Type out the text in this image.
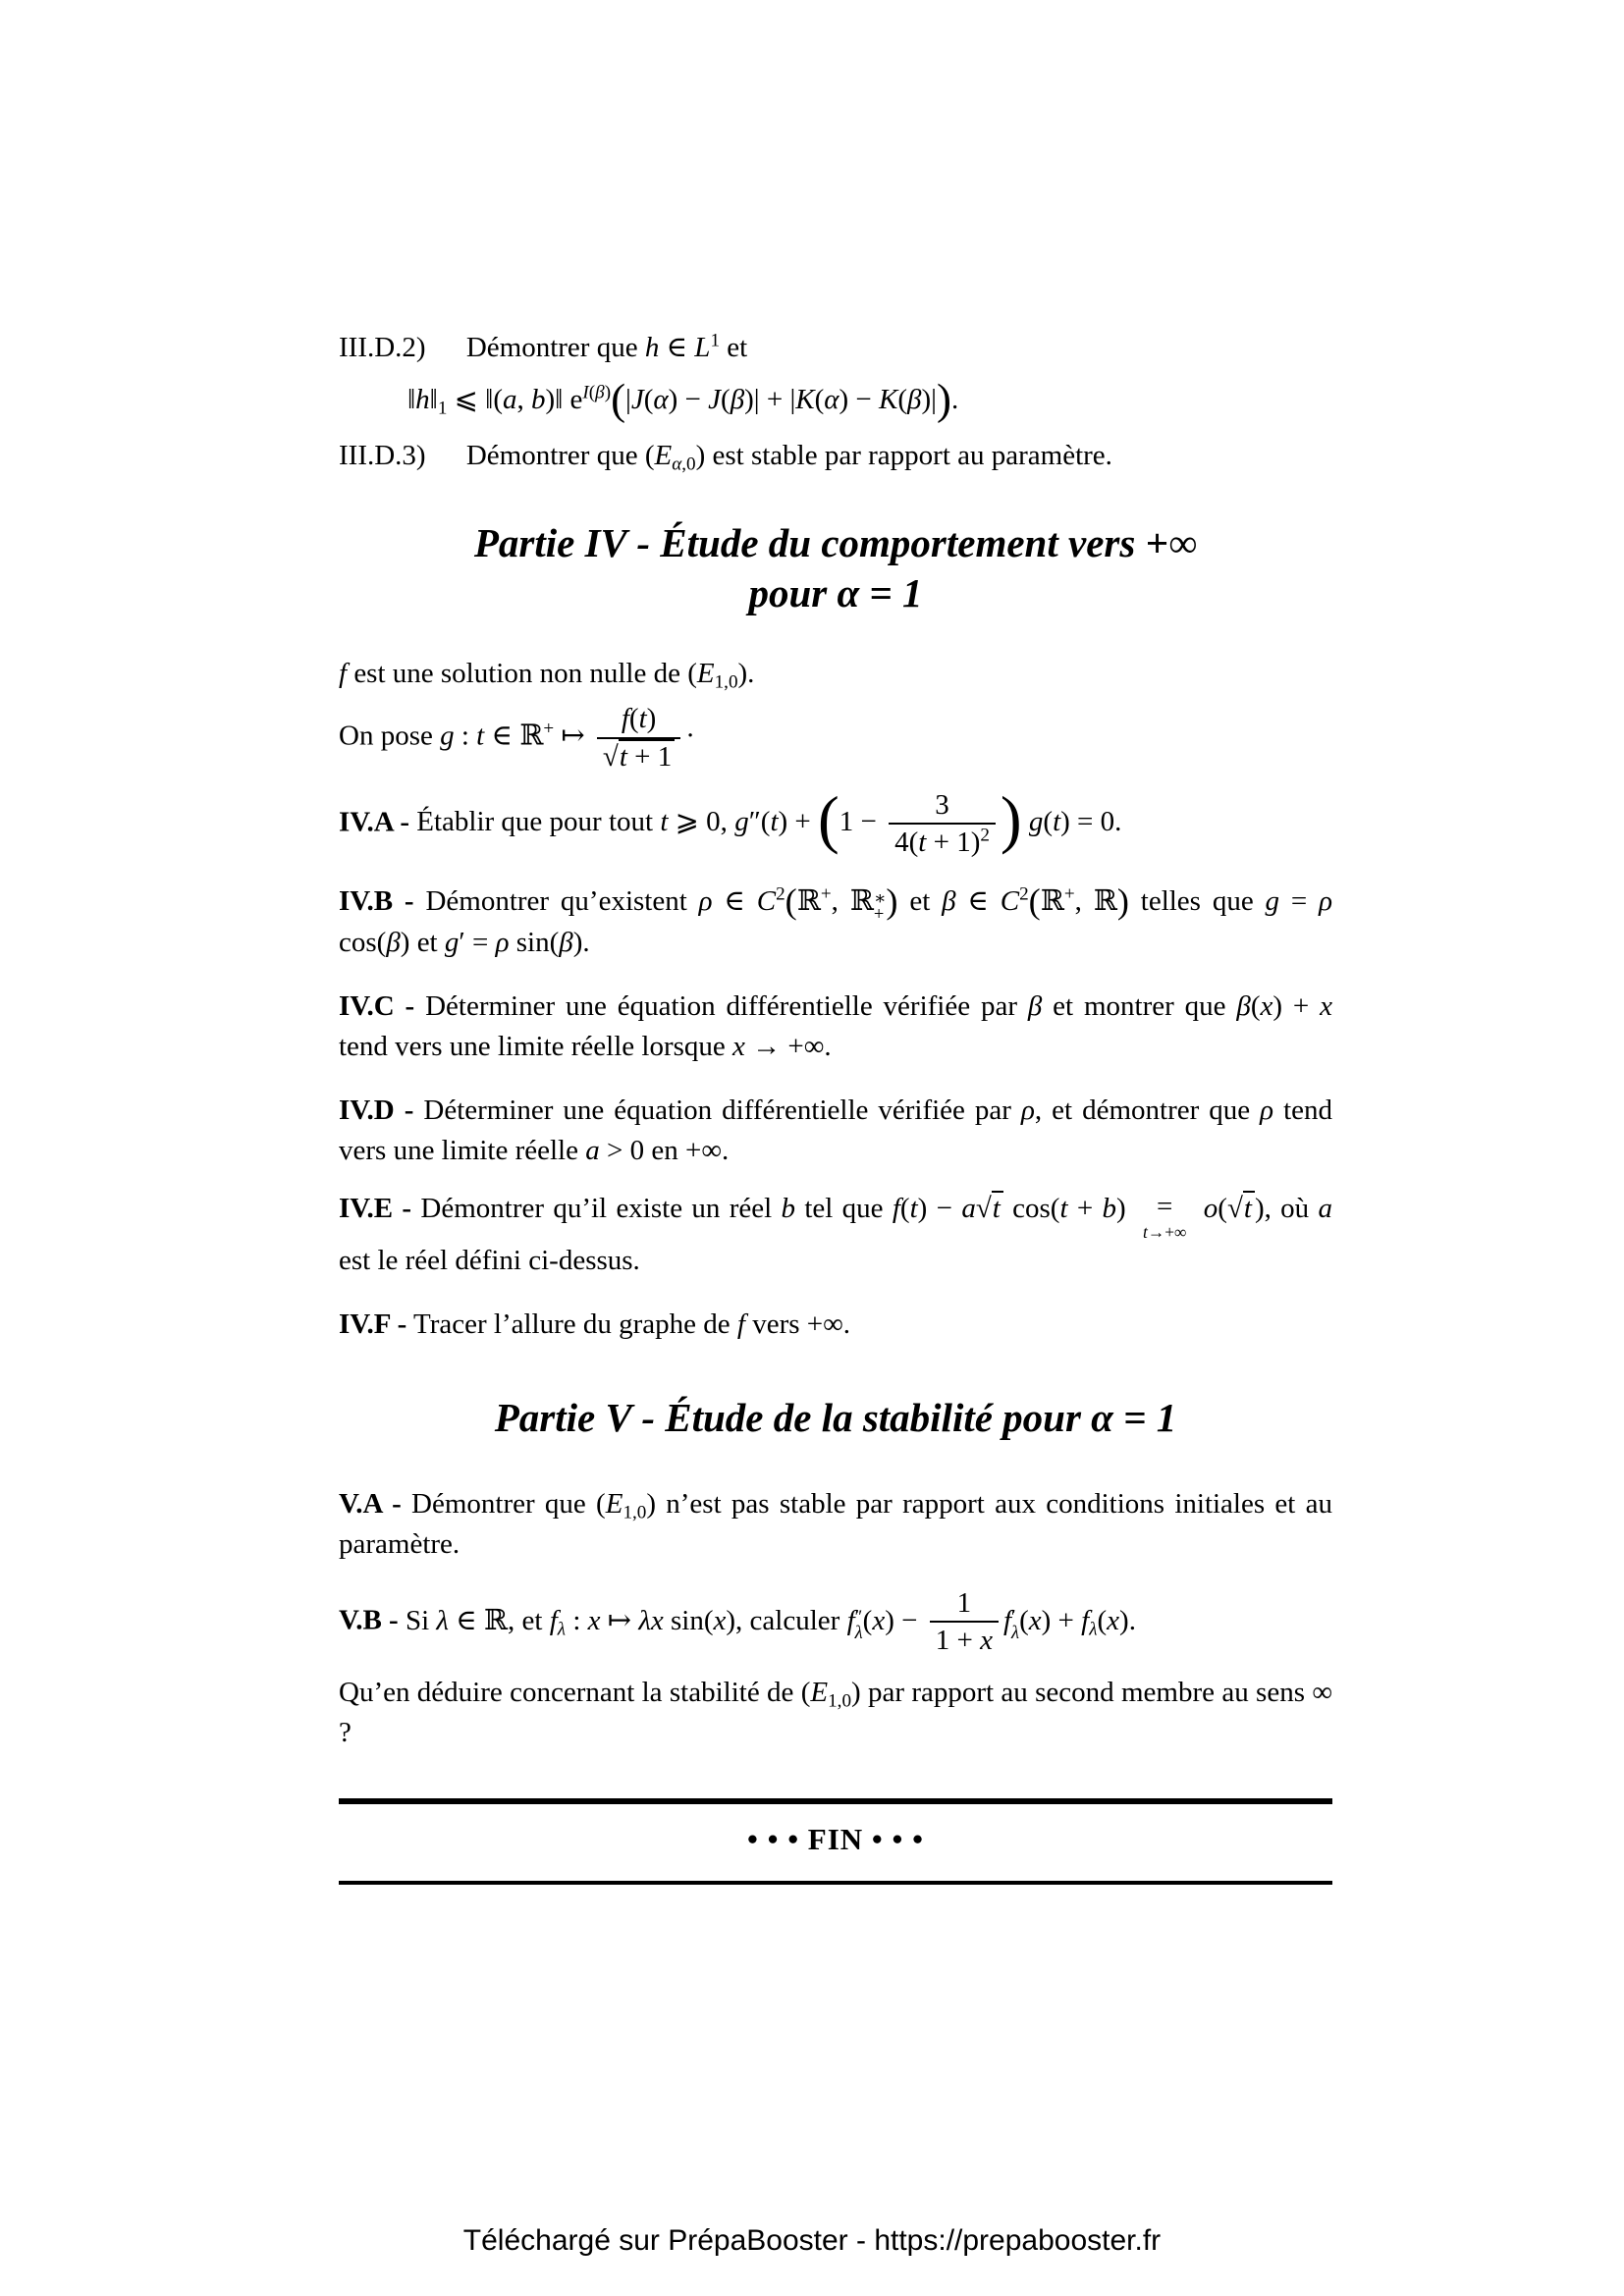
III.D.2) Démontrer que h ∈ $L^1$ et

$‖h‖_1$ ⩽ ‖(a, b)‖ $e^{I(\beta)}(|J(\alpha) - J(\beta)| + |K(\alpha) - K(\beta)|)$.

III.D.3) Démontrer que $(E_{\alpha,0})$ est stable par rapport au paramètre.

Partie IV - Étude du comportement vers +∞
pour α = 1

f est une solution non nulle de $(E_{1,0})$.

On pose g : t ∈ ℝ+ ↦ $\frac{f(t)}{√t + 1}$ ·

IV.A - Établir que pour tout t ⩾ 0, $g''(t) + (1 - \frac{3}{4(t + 1)^2}$ ) g(t) = 0.

IV.B - Démontrer qu’existent ρ ∈ $C^2(ℝ^+$, ℝ ∗
+ ) et β ∈ $C^2(ℝ^+$, ℝ) telles que g = ρ cos(β) et g′ = ρ sin(β).

IV.C - Déterminer une équation différentielle vérifiée par β et montrer que β(x) + x tend vers une limite réelle lorsque x → +∞.

IV.D - Déterminer une équation différentielle vérifiée par ρ, et démontrer que ρ tend vers une limite réelle a > 0 en +∞.

IV.E - Démontrer qu’il existe un réel b tel que f(t) − a√t cos(t + b) =
t→+∞
o(√t ), où a est le réel défini ci-dessus.

IV.F - Tracer l’allure du graphe de f vers +∞.

Partie V - Étude de la stabilité pour α = 1

V.A - Démontrer que $(E_{1,0})$ n’est pas stable par rapport aux conditions initiales et au paramètre.

V.B - Si λ ∈ ℝ, et $f_\lambda$ : x ↦ λx sin(x), calculer f ″
λ $(x) - \frac{1}{1 + x}$ f ′
λ $(x) + f_\lambda(x)$.

Qu’en déduire concernant la stabilité de $(E_{1,0})$ par rapport au second membre au sens ∞ ?

• • • FIN • • •
Téléchargé sur PrépaBooster - https://prepabooster.fr
